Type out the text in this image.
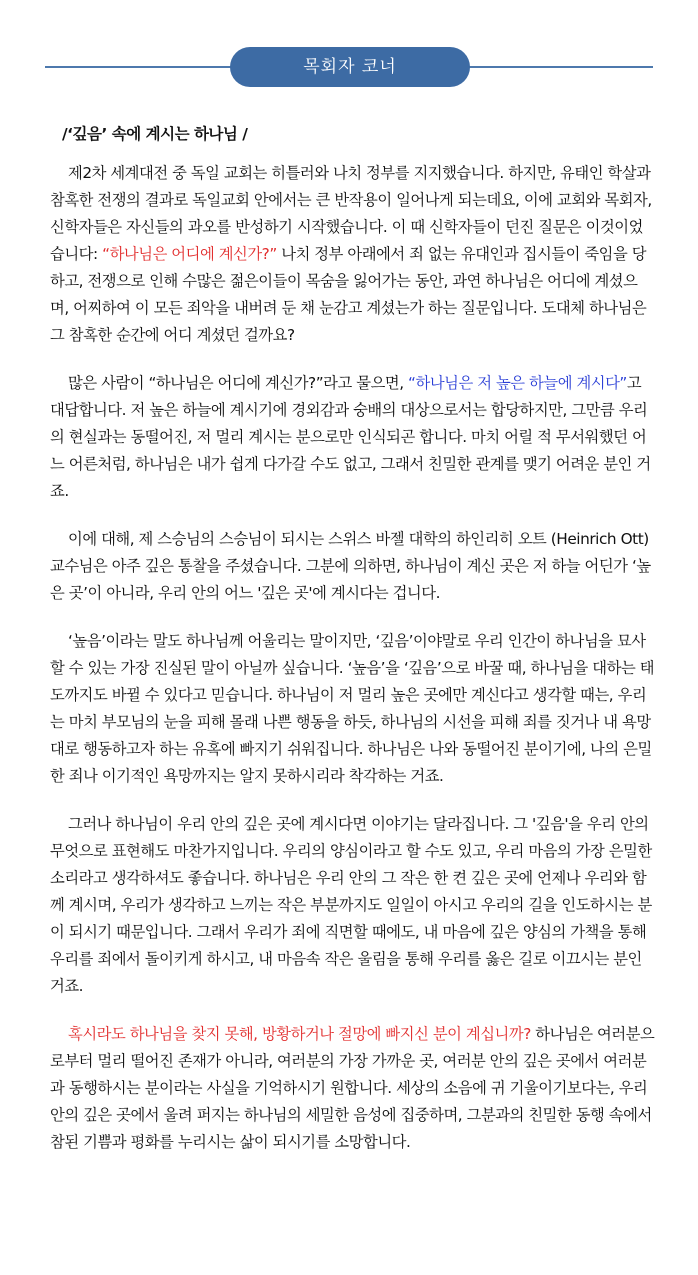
목회자 코너
/‘깊음’ 속에 계시는 하나님 /

제2차 세계대전 중 독일 교회는 히틀러와 나치 정부를 지지했습니다. 하지만, 유태인 학살과 참혹한 전쟁의 결과로 독일교회 안에서는 큰 반작용이 일어나게 되는데요, 이에 교회와 목회자, 신학자들은 자신들의 과오를 반성하기 시작했습니다. 이 때 신학자들이 던진 질문은 이것이었습니다: “하나님은 어디에 계신가?” 나치 정부 아래에서 죄 없는 유대인과 집시들이 죽임을 당하고, 전쟁으로 인해 수많은 젊은이들이 목숨을 잃어가는 동안, 과연 하나님은 어디에 계셨으며, 어찌하여 이 모든 죄악을 내버려 둔 채 눈감고 계셨는가 하는 질문입니다. 도대체 하나님은 그 참혹한 순간에 어디 계셨던 걸까요?

많은 사람이 “하나님은 어디에 계신가?”라고 물으면, “하나님은 저 높은 하늘에 계시다”고 대답합니다. 저 높은 하늘에 계시기에 경외감과 숭배의 대상으로서는 합당하지만, 그만큼 우리의 현실과는 동떨어진, 저 멀리 계시는 분으로만 인식되곤 합니다. 마치 어릴 적 무서워했던 어느 어른처럼, 하나님은 내가 쉽게 다가갈 수도 없고, 그래서 친밀한 관계를 맺기 어려운 분인 거죠.

이에 대해, 제 스승님의 스승님이 되시는 스위스 바젤 대학의 하인리히 오트 (Heinrich Ott) 교수님은 아주 깊은 통찰을 주셨습니다. 그분에 의하면, 하나님이 계신 곳은 저 하늘 어딘가 ‘높은 곳’이 아니라, 우리 안의 어느 '깊은 곳'에 계시다는 겁니다.

‘높음’이라는 말도 하나님께 어울리는 말이지만, ‘깊음’이야말로 우리 인간이 하나님을 묘사할 수 있는 가장 진실된 말이 아닐까 싶습니다. ‘높음’을 ‘깊음’으로 바꿀 때, 하나님을 대하는 태도까지도 바뀔 수 있다고 믿습니다. 하나님이 저 멀리 높은 곳에만 계신다고 생각할 때는, 우리는 마치 부모님의 눈을 피해 몰래 나쁜 행동을 하듯, 하나님의 시선을 피해 죄를 짓거나 내 욕망대로 행동하고자 하는 유혹에 빠지기 쉬워집니다. 하나님은 나와 동떨어진 분이기에, 나의 은밀한 죄나 이기적인 욕망까지는 알지 못하시리라 착각하는 거죠.

그러나 하나님이 우리 안의 깊은 곳에 계시다면 이야기는 달라집니다. 그 '깊음'을 우리 안의 무엇으로 표현해도 마찬가지입니다. 우리의 양심이라고 할 수도 있고, 우리 마음의 가장 은밀한 소리라고 생각하셔도 좋습니다. 하나님은 우리 안의 그 작은 한 켠 깊은 곳에 언제나 우리와 함께 계시며, 우리가 생각하고 느끼는 작은 부분까지도 일일이 아시고 우리의 길을 인도하시는 분이 되시기 때문입니다. 그래서 우리가 죄에 직면할 때에도, 내 마음에 깊은 양심의 가책을 통해 우리를 죄에서 돌이키게 하시고, 내 마음속 작은 울림을 통해 우리를 옳은 길로 이끄시는 분인 거죠.

혹시라도 하나님을 찾지 못해, 방황하거나 절망에 빠지신 분이 계십니까? 하나님은 여러분으로부터 멀리 떨어진 존재가 아니라, 여러분의 가장 가까운 곳, 여러분 안의 깊은 곳에서 여러분과 동행하시는 분이라는 사실을 기억하시기 원합니다. 세상의 소음에 귀 기울이기보다는, 우리 안의 깊은 곳에서 울려 퍼지는 하나님의 세밀한 음성에 집중하며, 그분과의 친밀한 동행 속에서 참된 기쁨과 평화를 누리시는 삶이 되시기를 소망합니다.
